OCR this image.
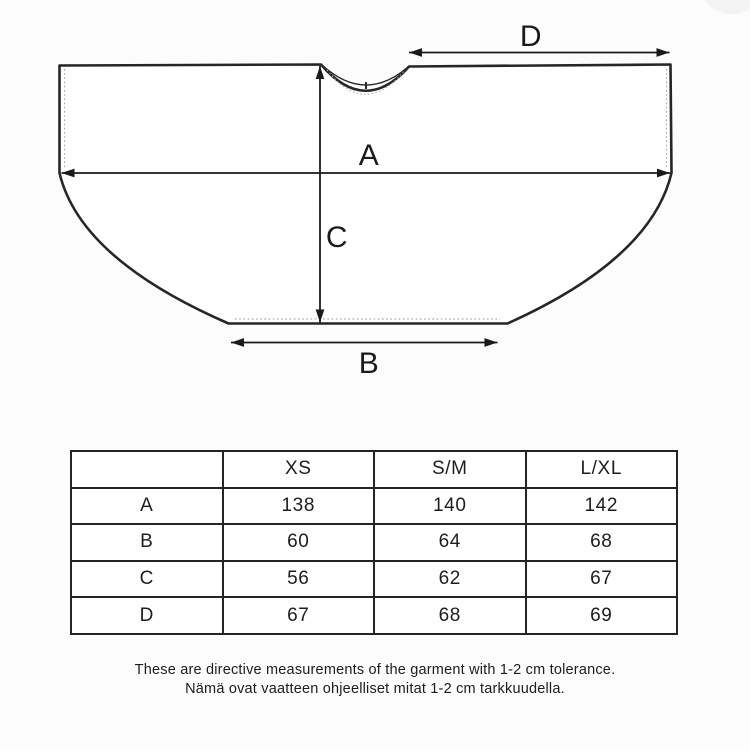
D
A
C
B
	XS	S/M	L/XL
A	138	140	142
B	60	64	68
C	56	62	67
D	67	68	69
These are directive measurements of the garment with 1-2 cm tolerance.
Nämä ovat vaatteen ohjeelliset mitat 1-2 cm tarkkuudella.
